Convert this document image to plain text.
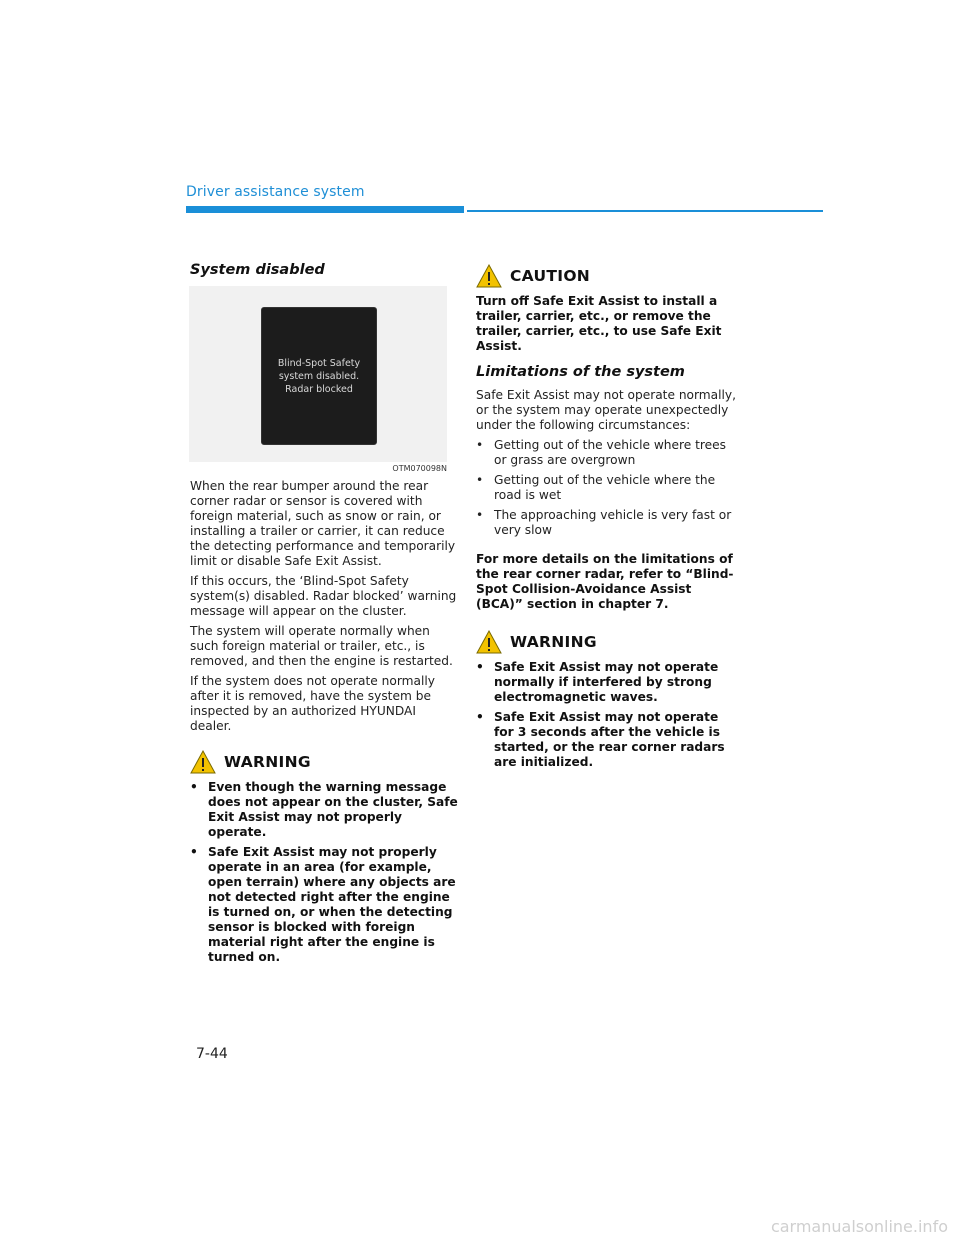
Driver assistance system
System disabled
Blind-Spot Safety
system disabled.
Radar blocked
OTM070098N

When the rear bumper around the rear corner radar or sensor is covered with foreign material, such as snow or rain, or installing a trailer or carrier, it can reduce the detecting performance and temporarily limit or disable Safe Exit Assist.

If this occurs, the ‘Blind-Spot Safety system(s) disabled. Radar blocked’ warning message will appear on the cluster.

The system will operate normally when such foreign material or trailer, etc., is removed, and then the engine is restarted.

If the system does not operate normally after it is removed, have the system be inspected by an authorized HYUNDAI dealer.

WARNING
• Even though the warning message does not appear on the cluster, Safe Exit Assist may not properly operate.
• Safe Exit Assist may not properly operate in an area (for example, open terrain) where any objects are not detected right after the engine is turned on, or when the detecting sensor is blocked with foreign material right after the engine is turned on.
CAUTION

Turn off Safe Exit Assist to install a trailer, carrier, etc., or remove the trailer, carrier, etc., to use Safe Exit Assist.

Limitations of the system

Safe Exit Assist may not operate normally, or the system may operate unexpectedly under the following circumstances:

• Getting out of the vehicle where trees or grass are overgrown
• Getting out of the vehicle where the road is wet
• The approaching vehicle is very fast or very slow

For more details on the limitations of the rear corner radar, refer to “Blind-Spot Collision-Avoidance Assist (BCA)” section in chapter 7.

WARNING
• Safe Exit Assist may not operate normally if interfered by strong electromagnetic waves.
• Safe Exit Assist may not operate for 3 seconds after the vehicle is started, or the rear corner radars are initialized.
7-44
carmanualsonline.info
